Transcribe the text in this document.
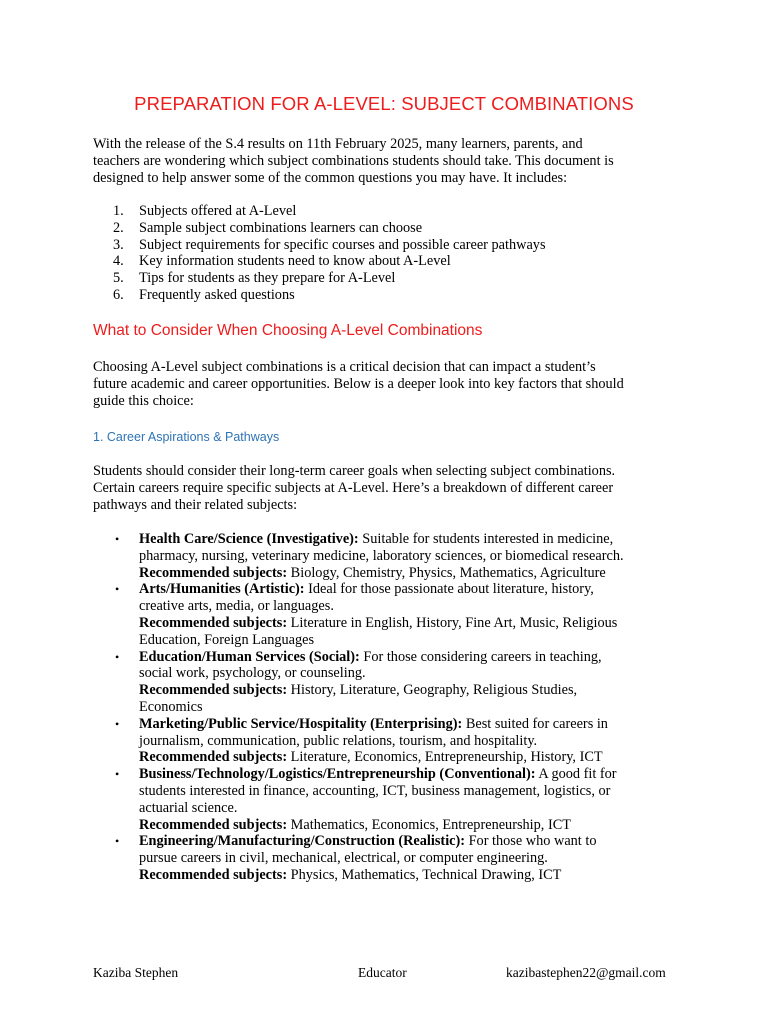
PREPARATION FOR A-LEVEL: SUBJECT COMBINATIONS

With the release of the S.4 results on 11th February 2025, many learners, parents, and
teachers are wondering which subject combinations students should take. This document is
designed to help answer some of the common questions you may have. It includes:

1. Subjects offered at A-Level
2. Sample subject combinations learners can choose
3. Subject requirements for specific courses and possible career pathways
4. Key information students need to know about A-Level
5. Tips for students as they prepare for A-Level
6. Frequently asked questions
What to Consider When Choosing A-Level Combinations

Choosing A-Level subject combinations is a critical decision that can impact a student’s
future academic and career opportunities. Below is a deeper look into key factors that should
guide this choice:

1. Career Aspirations & Pathways

Students should consider their long-term career goals when selecting subject combinations.
Certain careers require specific subjects at A-Level. Here’s a breakdown of different career
pathways and their related subjects:

• Health Care/Science (Investigative): Suitable for students interested in medicine,
pharmacy, nursing, veterinary medicine, laboratory sciences, or biomedical research.
Recommended subjects: Biology, Chemistry, Physics, Mathematics, Agriculture
• Arts/Humanities (Artistic): Ideal for those passionate about literature, history,
creative arts, media, or languages.
Recommended subjects: Literature in English, History, Fine Art, Music, Religious
Education, Foreign Languages
• Education/Human Services (Social): For those considering careers in teaching,
social work, psychology, or counseling.
Recommended subjects: History, Literature, Geography, Religious Studies,
Economics
• Marketing/Public Service/Hospitality (Enterprising): Best suited for careers in
journalism, communication, public relations, tourism, and hospitality.
Recommended subjects: Literature, Economics, Entrepreneurship, History, ICT
• Business/Technology/Logistics/Entrepreneurship (Conventional): A good fit for
students interested in finance, accounting, ICT, business management, logistics, or
actuarial science.
Recommended subjects: Mathematics, Economics, Entrepreneurship, ICT
• Engineering/Manufacturing/Construction (Realistic): For those who want to
pursue careers in civil, mechanical, electrical, or computer engineering.
Recommended subjects: Physics, Mathematics, Technical Drawing, ICT
Kaziba Stephen	Educator	kazibastephen22@gmail.com
